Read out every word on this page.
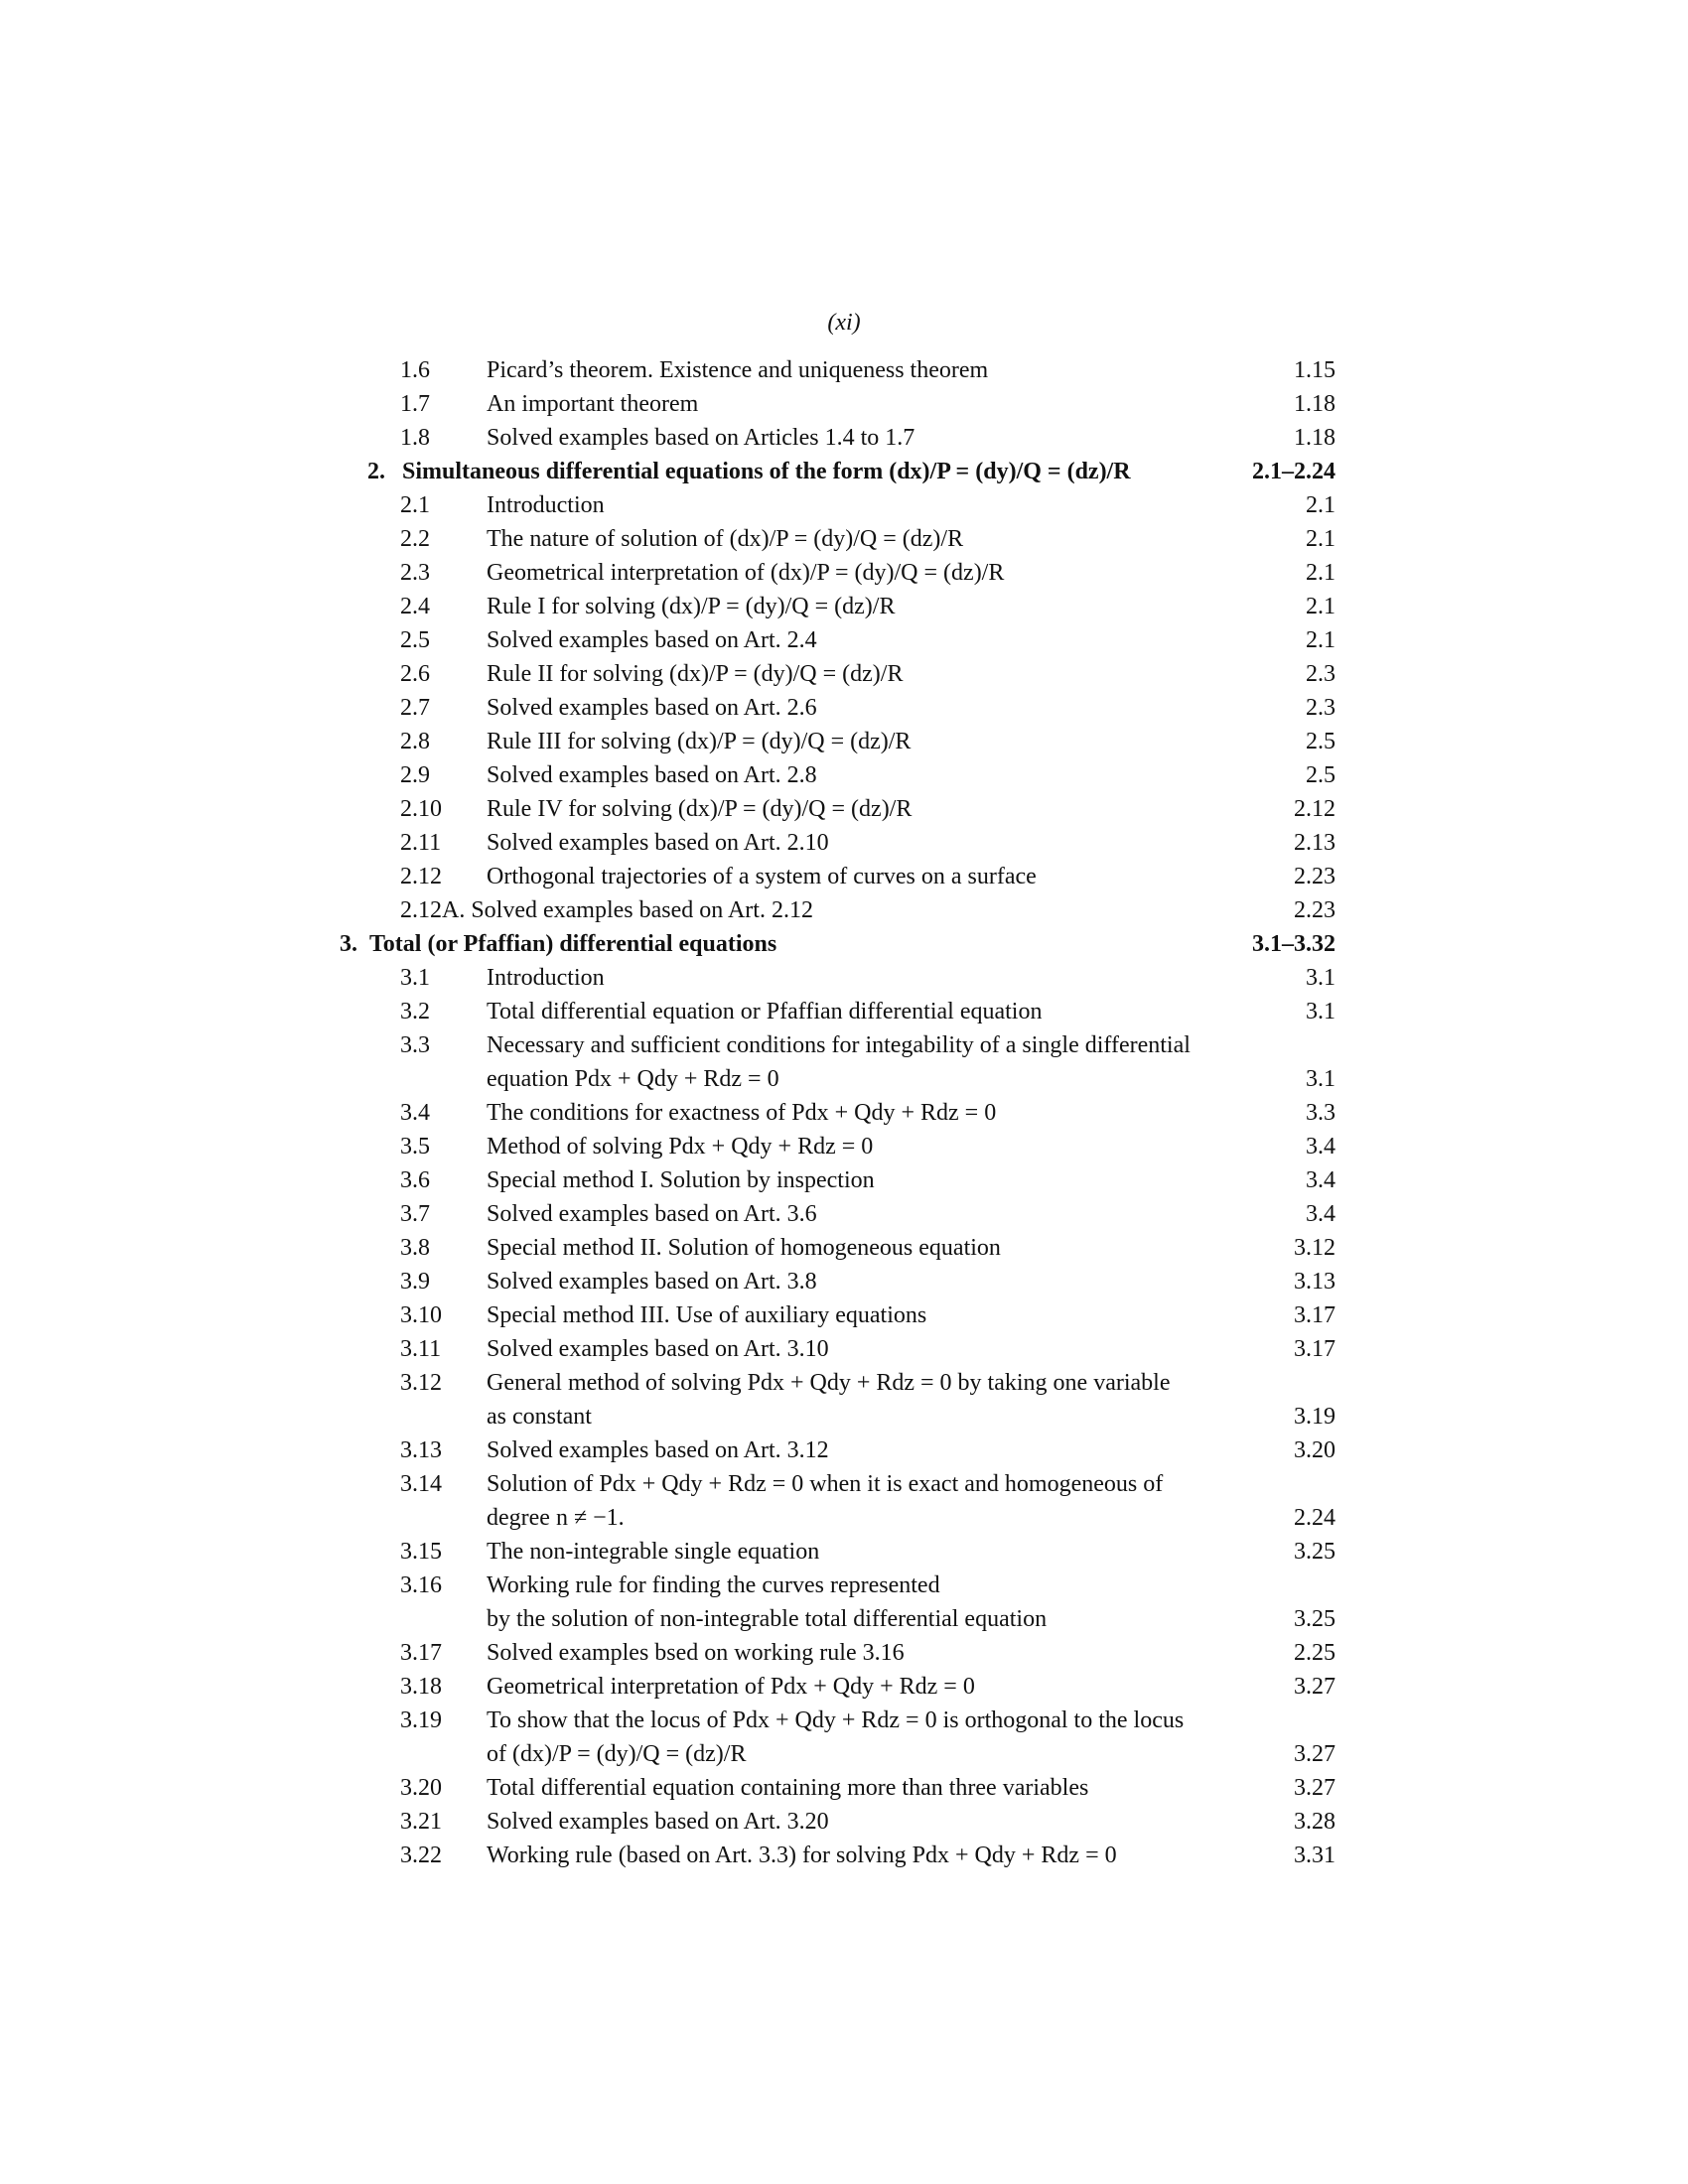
(xi)
1.6 Picard’s theorem. Existence and uniqueness theorem	1.15
1.7 An important theorem	1.18
1.8 Solved examples based on Articles 1.4 to 1.7	1.18
2. Simultaneous differential equations of the form (dx)/P = (dy)/Q = (dz)/R	2.1–2.24
2.1 Introduction	2.1
2.2 The nature of solution of (dx)/P = (dy)/Q = (dz)/R	2.1
2.3 Geometrical interpretation of (dx)/P = (dy)/Q = (dz)/R	2.1
2.4 Rule I for solving (dx)/P = (dy)/Q = (dz)/R	2.1
2.5 Solved examples based on Art. 2.4	2.1
2.6 Rule II for solving (dx)/P = (dy)/Q = (dz)/R	2.3
2.7 Solved examples based on Art. 2.6	2.3
2.8 Rule III for solving (dx)/P = (dy)/Q = (dz)/R	2.5
2.9 Solved examples based on Art. 2.8	2.5
2.10 Rule IV for solving (dx)/P = (dy)/Q = (dz)/R	2.12
2.11 Solved examples based on Art. 2.10	2.13
2.12 Orthogonal trajectories of a system of curves on a surface	2.23
2.12A. Solved examples based on Art. 2.12	2.23
3. Total (or Pfaffian) differential equations	3.1–3.32
3.1 Introduction	3.1
3.2 Total differential equation or Pfaffian differential equation	3.1
3.3 Necessary and sufficient conditions for integability of a single differential
equation Pdx + Qdy + Rdz = 0	3.1
3.4 The conditions for exactness of Pdx + Qdy + Rdz = 0	3.3
3.5 Method of solving Pdx + Qdy + Rdz = 0	3.4
3.6 Special method I. Solution by inspection	3.4
3.7 Solved examples based on Art. 3.6	3.4
3.8 Special method II. Solution of homogeneous equation	3.12
3.9 Solved examples based on Art. 3.8	3.13
3.10 Special method III. Use of auxiliary equations	3.17
3.11 Solved examples based on Art. 3.10	3.17
3.12 General method of solving Pdx + Qdy + Rdz = 0 by taking one variable
as constant	3.19
3.13 Solved examples based on Art. 3.12	3.20
3.14 Solution of Pdx + Qdy + Rdz = 0 when it is exact and homogeneous of
degree n ≠ −1.	2.24
3.15 The non-integrable single equation	3.25
3.16 Working rule for finding the curves represented
by the solution of non-integrable total differential equation	3.25
3.17 Solved examples bsed on working rule 3.16	2.25
3.18 Geometrical interpretation of Pdx + Qdy + Rdz = 0	3.27
3.19 To show that the locus of Pdx + Qdy + Rdz = 0 is orthogonal to the locus
of (dx)/P = (dy)/Q = (dz)/R	3.27
3.20 Total differential equation containing more than three variables	3.27
3.21 Solved examples based on Art. 3.20	3.28
3.22 Working rule (based on Art. 3.3) for solving Pdx + Qdy + Rdz = 0	3.31
